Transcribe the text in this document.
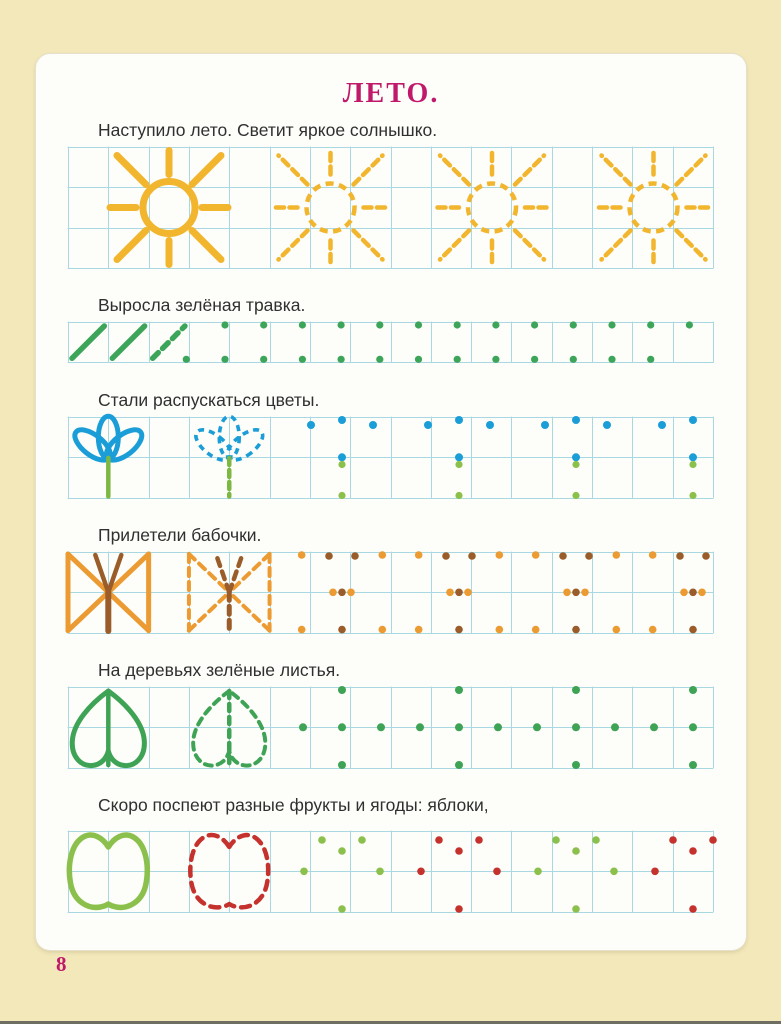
ЛЕТО.

Наступило лето. Светит яркое солнышко.

Выросла зелёная травка.

Стали распускаться цветы.

Прилетели бабочки.

На деревьях зелёные листья.

Скоро поспеют разные фрукты и ягоды: яблоки,

8
